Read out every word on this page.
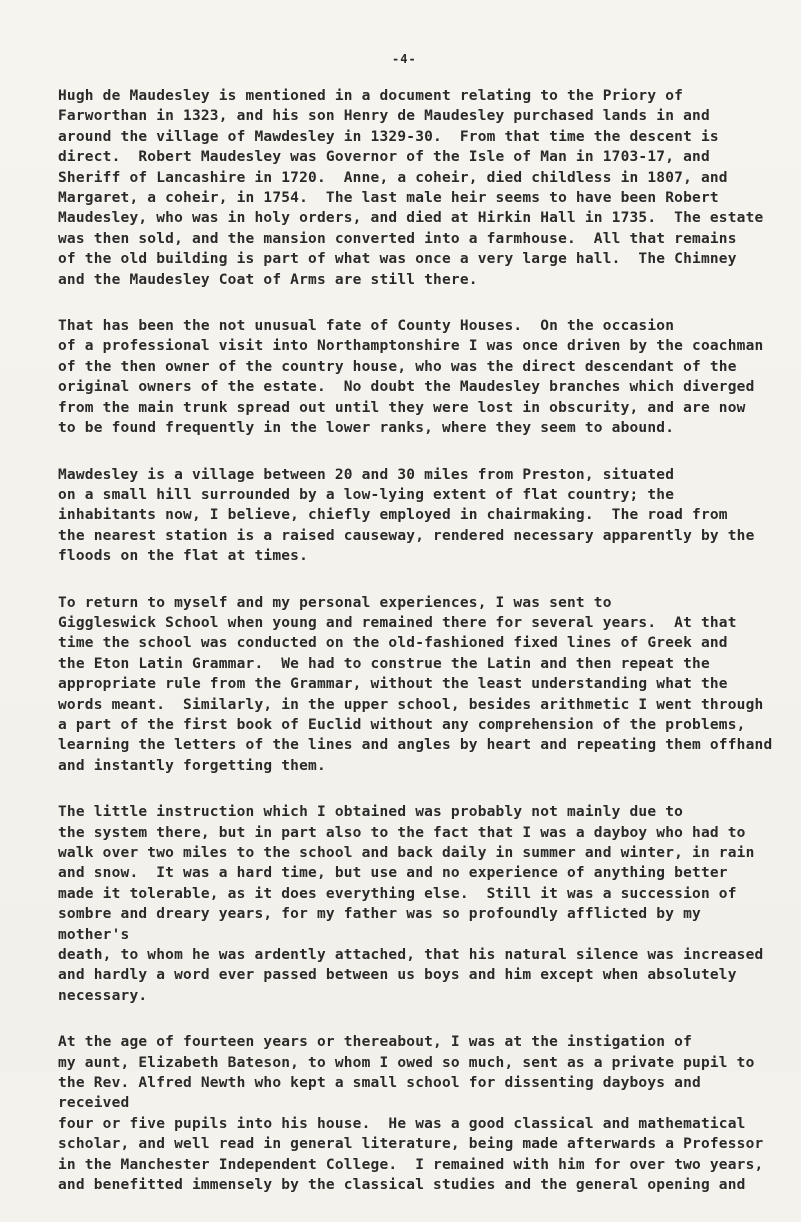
-4-

Hugh de Maudesley is mentioned in a document relating to the Priory of
Farworthan in 1323, and his son Henry de Maudesley purchased lands in and
around the village of Mawdesley in 1329-30.  From that time the descent is
direct.  Robert Maudesley was Governor of the Isle of Man in 1703-17, and
Sheriff of Lancashire in 1720.  Anne, a coheir, died childless in 1807, and
Margaret, a coheir, in 1754.  The last male heir seems to have been Robert
Maudesley, who was in holy orders, and died at Hirkin Hall in 1735.  The estate
was then sold, and the mansion converted into a farmhouse.  All that remains
of the old building is part of what was once a very large hall.  The Chimney
and the Maudesley Coat of Arms are still there.

That has been the not unusual fate of County Houses.  On the occasion
of a professional visit into Northamptonshire I was once driven by the coachman
of the then owner of the country house, who was the direct descendant of the
original owners of the estate.  No doubt the Maudesley branches which diverged
from the main trunk spread out until they were lost in obscurity, and are now
to be found frequently in the lower ranks, where they seem to abound.

Mawdesley is a village between 20 and 30 miles from Preston, situated
on a small hill surrounded by a low-lying extent of flat country; the
inhabitants now, I believe, chiefly employed in chairmaking.  The road from
the nearest station is a raised causeway, rendered necessary apparently by the
floods on the flat at times.

To return to myself and my personal experiences, I was sent to
Giggleswick School when young and remained there for several years.  At that
time the school was conducted on the old-fashioned fixed lines of Greek and
the Eton Latin Grammar.  We had to construe the Latin and then repeat the
appropriate rule from the Grammar, without the least understanding what the
words meant.  Similarly, in the upper school, besides arithmetic I went through
a part of the first book of Euclid without any comprehension of the problems,
learning the letters of the lines and angles by heart and repeating them offhand
and instantly forgetting them.

The little instruction which I obtained was probably not mainly due to
the system there, but in part also to the fact that I was a dayboy who had to
walk over two miles to the school and back daily in summer and winter, in rain
and snow.  It was a hard time, but use and no experience of anything better
made it tolerable, as it does everything else.  Still it was a succession of
sombre and dreary years, for my father was so profoundly afflicted by my mother's
death, to whom he was ardently attached, that his natural silence was increased
and hardly a word ever passed between us boys and him except when absolutely
necessary.

At the age of fourteen years or thereabout, I was at the instigation of
my aunt, Elizabeth Bateson, to whom I owed so much, sent as a private pupil to
the Rev. Alfred Newth who kept a small school for dissenting dayboys and received
four or five pupils into his house.  He was a good classical and mathematical
scholar, and well read in general literature, being made afterwards a Professor
in the Manchester Independent College.  I remained with him for over two years,
and benefitted immensely by the classical studies and the general opening and
